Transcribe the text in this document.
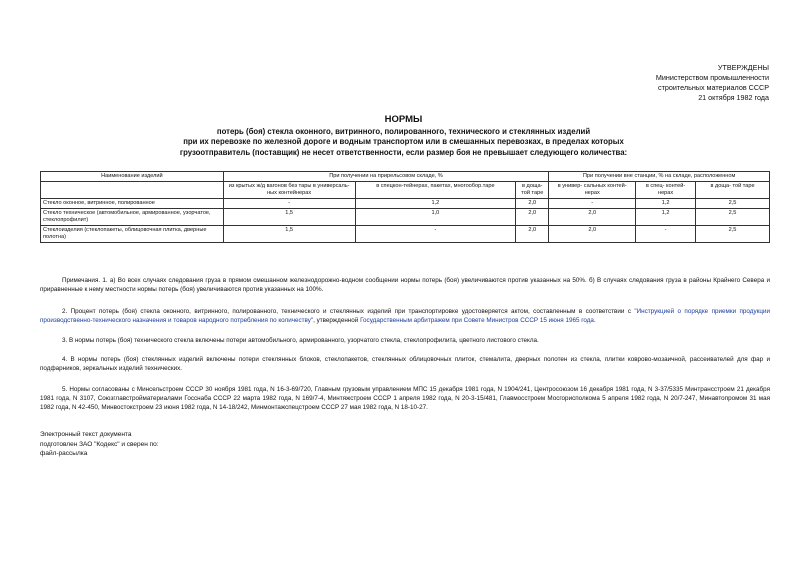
УТВЕРЖДЕНЫ
Министерством промышленности
строительных материалов СССР
21 октября 1982 года
НОРМЫ
потерь (боя) стекла оконного, витринного, полированного, технического и стеклянных изделий
при их перевозке по железной дороге и водным транспортом или в смешанных перевозках, в пределах которых
грузоотправитель (поставщик) не несет ответственности, если размер боя не превышает следующего количества:
Наименование изделий	При получении на прирельсовом складе, %			При получении вне станции, % на складе, расположенном		
	из крытых ж/д вагонов без тары в универсаль- ных контейнерах	в спецкон-тейнерах, пакетах, многообор.таре	в доща- той таре	в универ- сальных контей- нерах	в спец- контей- нерах	в доща- той таре
Стекло оконное, витринное, полированное	-	1,2	2,0	-	1,2	2,5
Стекло техническое (автомобильное, армированное, узорчатое, стеклопрофилит)	1,5	1,0	2,0	2,0	1,2	2,5
Стеклоизделия (стеклопакеты, облицовочная плитка, дверные полотна)	1,5	-	2,0	2,0	-	2,5
Примечания. 1. а) Во всех случаях следования груза в прямом смешанном железнодорожно-водном сообщении нормы потерь (боя) увеличиваются против указанных на 50%. б) В случаях следования груза в районы Крайнего Севера и приравненные к нему местности нормы потерь (боя) увеличиваются против указанных на 100%.
2. Процент потерь (боя) стекла оконного, витринного, полированного, технического и стеклянных изделий при транспортировке удостоверяется актом, составленным в соответствии с "Инструкцией о порядке приемки продукции производственно-технического назначения и товаров народного потребления по количеству", утвержденной Государственным арбитражем при Совете Министров СССР 15 июня 1965 года.
3. В нормы потерь (боя) технического стекла включены потери автомобильного, армированного, узорчатого стекла, стеклопрофилита, цветного листового стекла.
4. В нормы потерь (боя) стеклянных изделий включены потери стеклянных блоков, стеклопакетов, стеклянных облицовочных плиток, стемалита, дверных полотен из стекла, плитки коврово-мозаичной, рассеивателей для фар и подфарников, зеркальных изделий технических.
5. Нормы согласованы с Минсельстроем СССР 30 ноября 1981 года, N 16-3-69/720, Главным грузовым управлением МПС 15 декабря 1981 года, N 1904/241, Центросоюзом 16 декабря 1981 года, N 3-37/5335 Минтрансстроем 21 декабря 1981 года, N 3107, Союзглавстройматериалами Госснаба СССР 22 марта 1982 года, N 169/7-4, Минтяжстроем СССР 1 апреля 1982 года, N 20-3-15/481, Главмосстроем Мосгорисполкома 5 апреля 1982 года, N 20/7-247, Минавтопромом 31 мая 1982 года, N 42-450, Минвостокстроем 23 июня 1982 года, N 14-18/242, Минмонтажспецстроем СССР 27 мая 1982 года, N 18-10-27.
Электронный текст документа
подготовлен ЗАО "Кодекс" и сверен по:
файл-рассылка
